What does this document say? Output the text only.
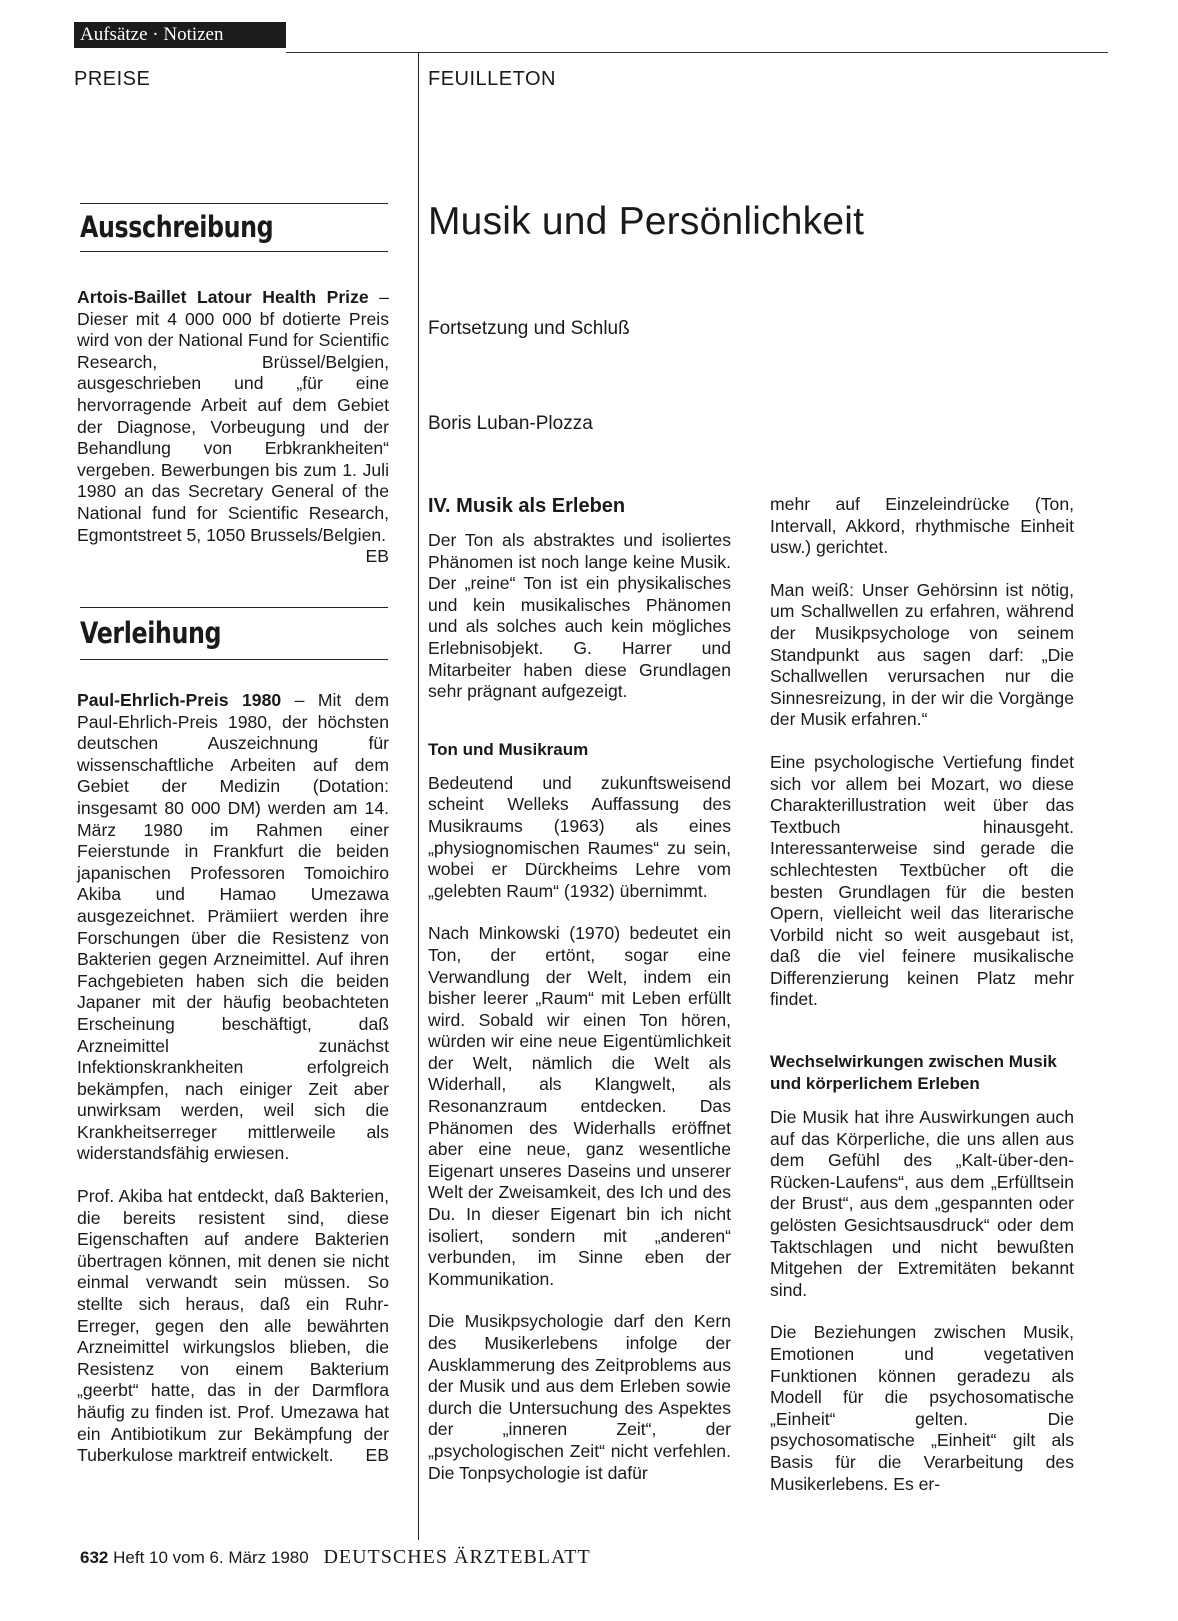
Aufsätze · Notizen
PREISE	FEUILLETON
Ausschreibung

Artois-Baillet Latour Health Prize – Dieser mit 4 000 000 bf dotierte Preis wird von der National Fund for Scientific Research, Brüssel/Belgien, ausgeschrieben und „für eine hervorragende Arbeit auf dem Gebiet der Diagnose, Vorbeugung und der Behandlung von Erbkrankheiten“ vergeben. Bewerbungen bis zum 1. Juli 1980 an das Secretary General of the National fund for Scientific Research, Egmontstreet 5, 1050 Brussels/Belgien.
EB

Verleihung

Paul-Ehrlich-Preis 1980 – Mit dem Paul-Ehrlich-Preis 1980, der höchsten deutschen Auszeichnung für wissenschaftliche Arbeiten auf dem Gebiet der Medizin (Dotation: insgesamt 80 000 DM) werden am 14. März 1980 im Rahmen einer Feierstunde in Frankfurt die beiden japanischen Professoren Tomoichiro Akiba und Hamao Umezawa ausgezeichnet. Prämiiert werden ihre Forschungen über die Resistenz von Bakterien gegen Arzneimittel. Auf ihren Fachgebieten haben sich die beiden Japaner mit der häufig beobachteten Erscheinung beschäftigt, daß Arzneimittel zunächst Infektionskrankheiten erfolgreich bekämpfen, nach einiger Zeit aber unwirksam werden, weil sich die Krankheitserreger mittlerweile als widerstandsfähig erwiesen.

Prof. Akiba hat entdeckt, daß Bakterien, die bereits resistent sind, diese Eigenschaften auf andere Bakterien übertragen können, mit denen sie nicht einmal verwandt sein müssen. So stellte sich heraus, daß ein Ruhr-Erreger, gegen den alle bewährten Arzneimittel wirkungslos blieben, die Resistenz von einem Bakterium „geerbt“ hatte, das in der Darmflora häufig zu finden ist. Prof. Umezawa hat ein Antibiotikum zur Bekämpfung der Tuberkulose marktreif entwickelt. EB

Musik und Persönlichkeit
Fortsetzung und Schluß
Boris Luban-Plozza
IV. Musik als Erleben

Der Ton als abstraktes und isoliertes Phänomen ist noch lange keine Musik. Der „reine“ Ton ist ein physikalisches und kein musikalisches Phänomen und als solches auch kein mögliches Erlebnisobjekt. G. Harrer und Mitarbeiter haben diese Grundlagen sehr prägnant aufgezeigt.

Ton und Musikraum

Bedeutend und zukunftsweisend scheint Welleks Auffassung des Musikraums (1963) als eines „physiognomischen Raumes“ zu sein, wobei er Dürckheims Lehre vom „gelebten Raum“ (1932) übernimmt.

Nach Minkowski (1970) bedeutet ein Ton, der ertönt, sogar eine Verwandlung der Welt, indem ein bisher leerer „Raum“ mit Leben erfüllt wird. Sobald wir einen Ton hören, würden wir eine neue Eigentümlichkeit der Welt, nämlich die Welt als Widerhall, als Klangwelt, als Resonanzraum entdecken. Das Phänomen des Widerhalls eröffnet aber eine neue, ganz wesentliche Eigenart unseres Daseins und unserer Welt der Zweisamkeit, des Ich und des Du. In dieser Eigenart bin ich nicht isoliert, sondern mit „anderen“ verbunden, im Sinne eben der Kommunikation.

Die Musikpsychologie darf den Kern des Musikerlebens infolge der Ausklammerung des Zeitproblems aus der Musik und aus dem Erleben sowie durch die Untersuchung des Aspektes der „inneren Zeit“, der „psychologischen Zeit“ nicht verfehlen. Die Tonpsychologie ist dafür

mehr auf Einzeleindrücke (Ton, Intervall, Akkord, rhythmische Einheit usw.) gerichtet.

Man weiß: Unser Gehörsinn ist nötig, um Schallwellen zu erfahren, während der Musikpsychologe von seinem Standpunkt aus sagen darf: „Die Schallwellen verursachen nur die Sinnesreizung, in der wir die Vorgänge der Musik erfahren.“

Eine psychologische Vertiefung findet sich vor allem bei Mozart, wo diese Charakterillustration weit über das Textbuch hinausgeht. Interessanterweise sind gerade die schlechtesten Textbücher oft die besten Grundlagen für die besten Opern, vielleicht weil das literarische Vorbild nicht so weit ausgebaut ist, daß die viel feinere musikalische Differenzierung keinen Platz mehr findet.

Wechselwirkungen zwischen Musik und körperlichem Erleben

Die Musik hat ihre Auswirkungen auch auf das Körperliche, die uns allen aus dem Gefühl des „Kalt-über-den-Rücken-Laufens“, aus dem „Erfülltsein der Brust“, aus dem „gespannten oder gelösten Gesichtsausdruck“ oder dem Taktschlagen und nicht bewußten Mitgehen der Extremitäten bekannt sind.

Die Beziehungen zwischen Musik, Emotionen und vegetativen Funktionen können geradezu als Modell für die psychosomatische „Einheit“ gelten. Die psychosomatische „Einheit“ gilt als Basis für die Verarbeitung des Musikerlebens. Es er-

632 Heft 10 vom 6. März 1980 DEUTSCHES ÄRZTEBLATT
